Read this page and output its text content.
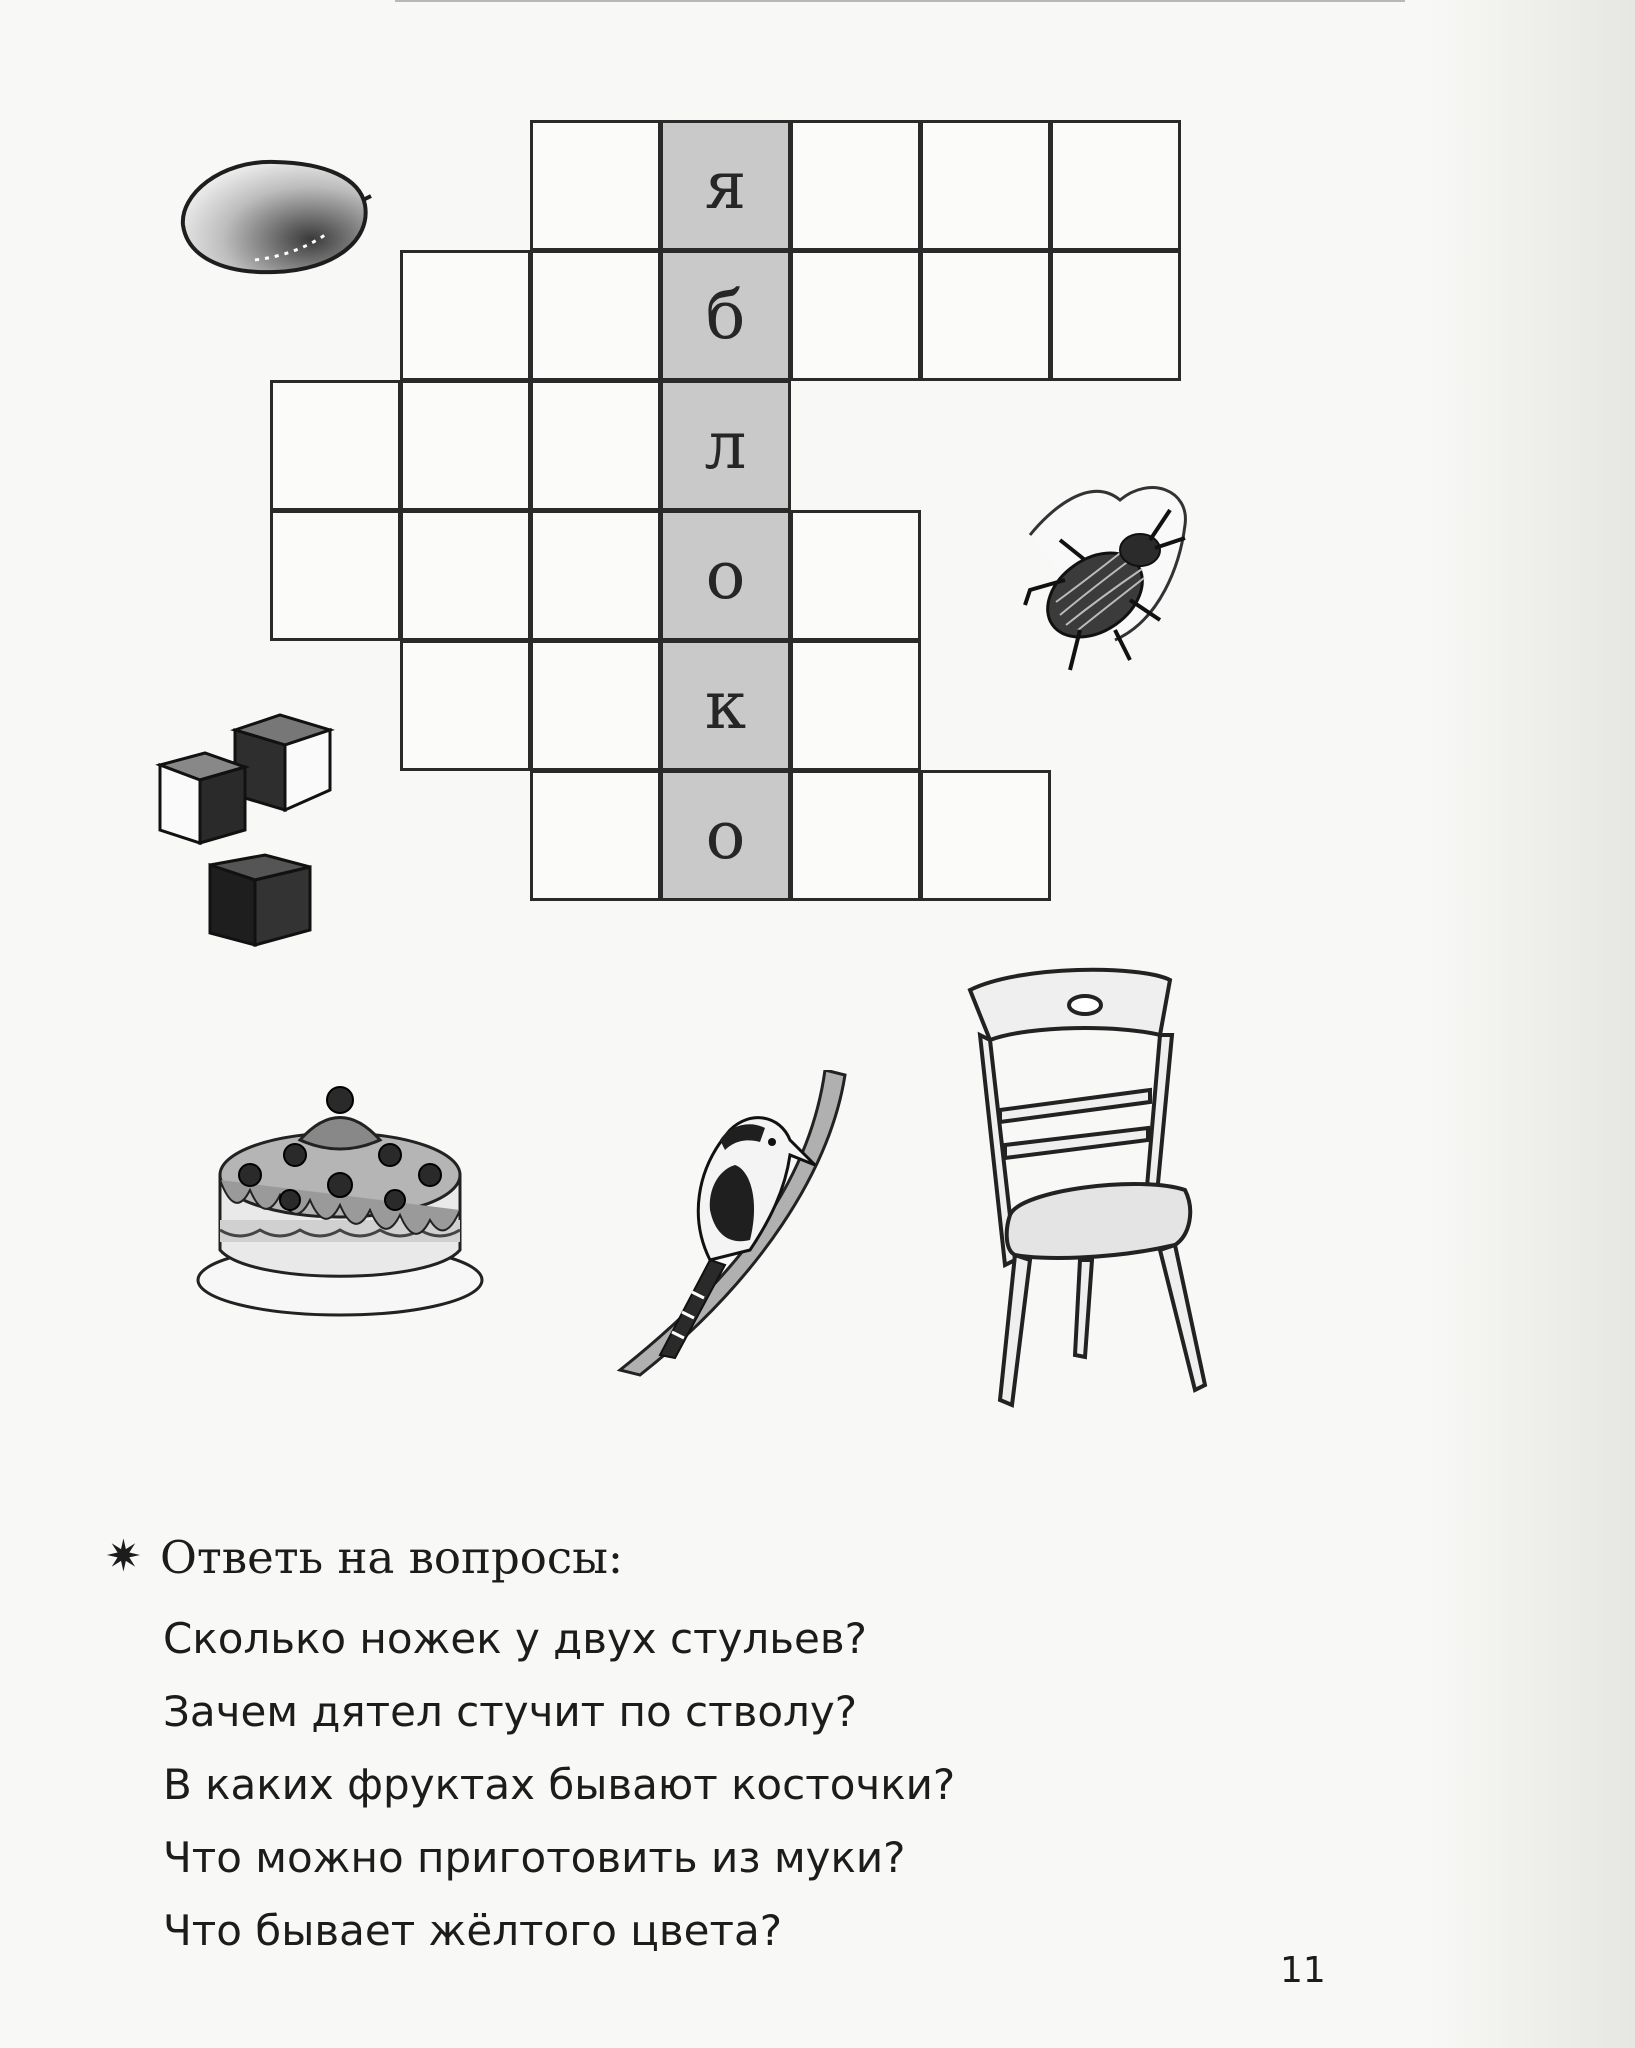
я
б
л
о
к
о
✷ Ответь на вопросы:
Сколько ножек у двух стульев?
Зачем дятел стучит по стволу?
В каких фруктах бывают косточки?
Что можно приготовить из муки?
Что бывает жёлтого цвета?
11
